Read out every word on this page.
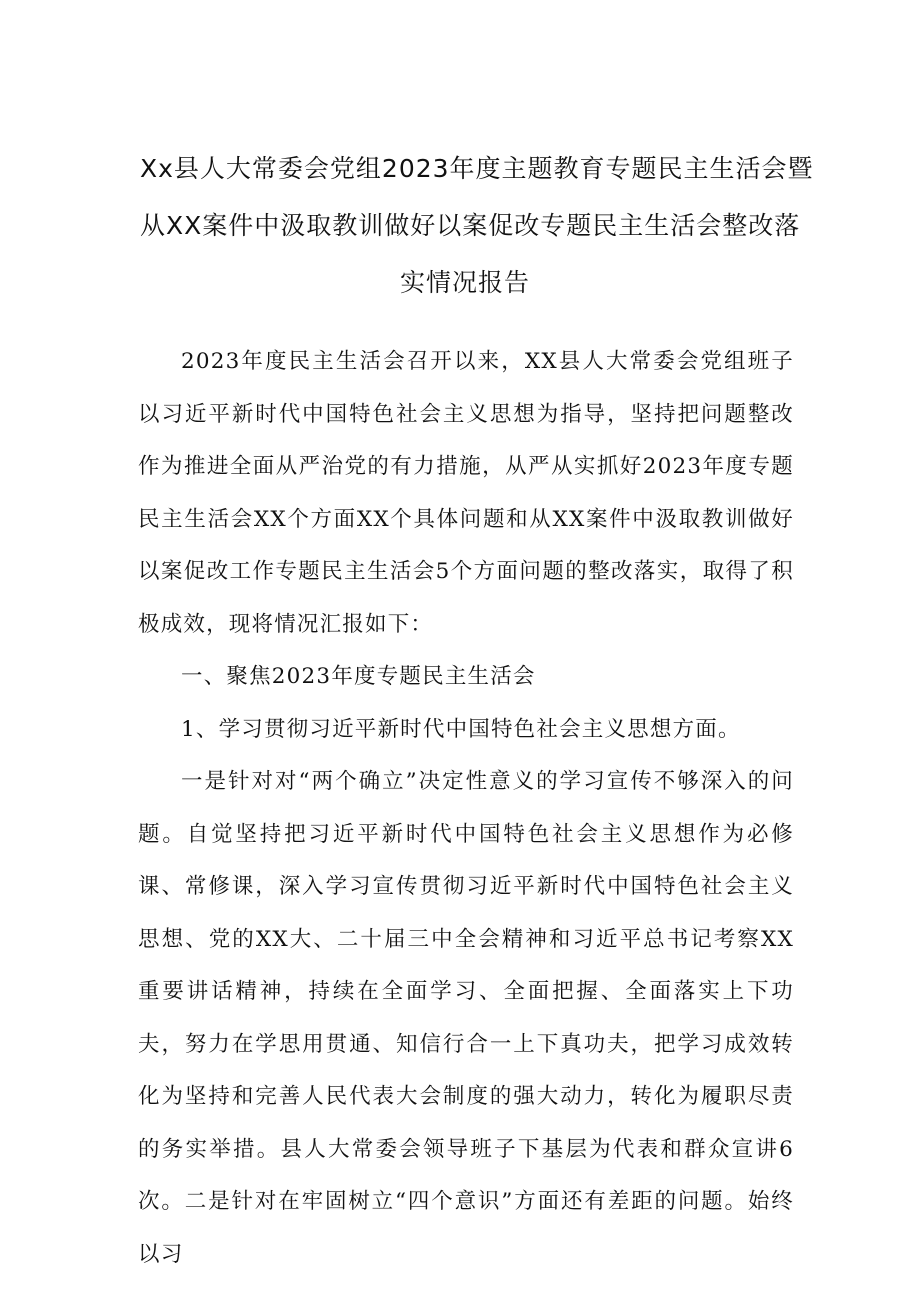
Xx县人大常委会党组2023年度主题教育专题民主生活会暨
从XX案件中汲取教训做好以案促改专题民主生活会整改落
实情况报告

2023年度民主生活会召开以来，XX县人大常委会党组班子以习近平新时代中国特色社会主义思想为指导，坚持把问题整改作为推进全面从严治党的有力措施，从严从实抓好2023年度专题民主生活会XX个方面XX个具体问题和从XX案件中汲取教训做好以案促改工作专题民主生活会5个方面问题的整改落实，取得了积极成效，现将情况汇报如下：

一、聚焦2023年度专题民主生活会

1、学习贯彻习近平新时代中国特色社会主义思想方面。

一是针对对“两个确立”决定性意义的学习宣传不够深入的问题。自觉坚持把习近平新时代中国特色社会主义思想作为必修课、常修课，深入学习宣传贯彻习近平新时代中国特色社会主义思想、党的XX大、二十届三中全会精神和习近平总书记考察XX重要讲话精神，持续在全面学习、全面把握、全面落实上下功夫，努力在学思用贯通、知信行合一上下真功夫，把学习成效转化为坚持和完善人民代表大会制度的强大动力，转化为履职尽责的务实举措。县人大常委会领导班子下基层为代表和群众宣讲6次。二是针对在牢固树立“四个意识”方面还有差距的问题。始终以习
